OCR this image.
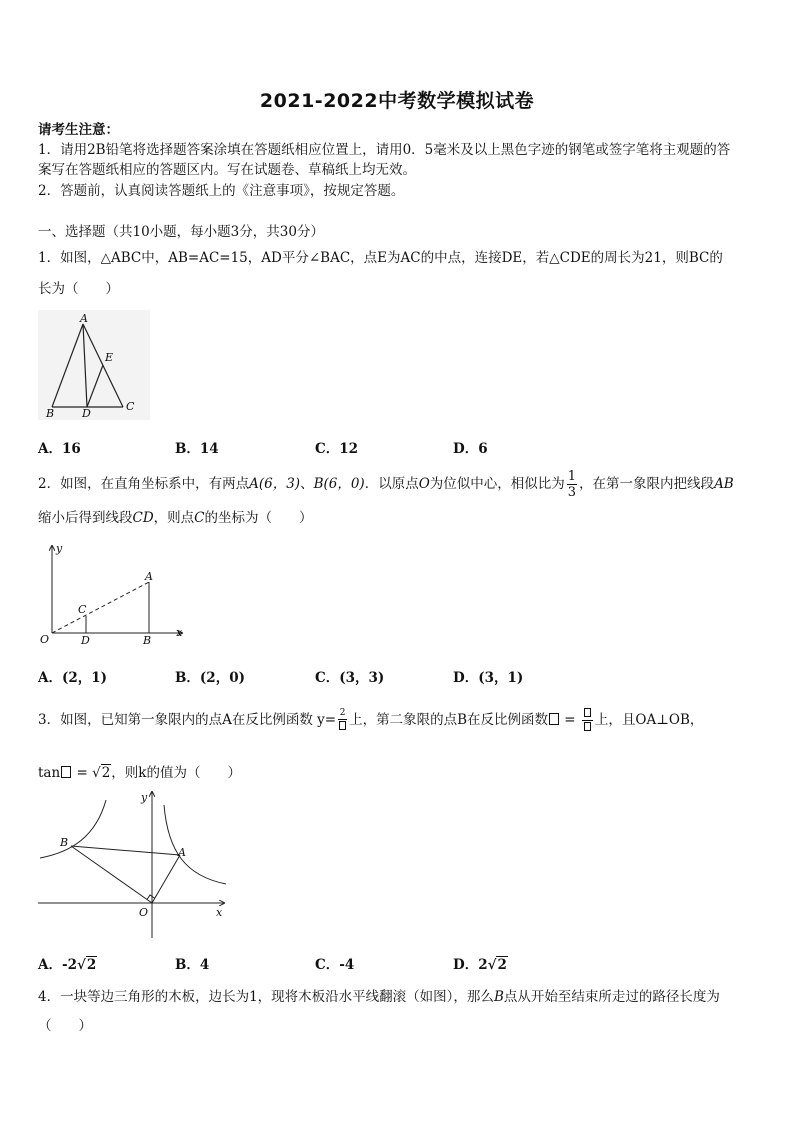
2021-2022中考数学模拟试卷
请考生注意：
1．请用2B铅笔将选择题答案涂填在答题纸相应位置上，请用0．5毫米及以上黑色字迹的钢笔或签字笔将主观题的答
案写在答题纸相应的答题区内。写在试题卷、草稿纸上均无效。
2．答题前，认真阅读答题纸上的《注意事项》，按规定答题。
一、选择题（共10小题，每小题3分，共30分）
1．如图，△ABC中，AB=AC=15，AD平分∠BAC，点E为AC的中点，连接DE，若△CDE的周长为21，则BC的
长为（　　）
A
E
B	D
C
A．16	B．14	C．12	D．6
2．如图，在直角坐标系中，有两点A(6，3)、B(6，0)．以原点O为位似中心，相似比为 $\frac{1}{3}$ ，在第一象限内把线段AB
缩小后得到线段CD，则点C的坐标为（　　）
y
x
O
A
C
D	B
A．(2，1)	B．(2，0)	C．(3，3)	D．(3，1)
3．如图，已知第一象限内的点A在反比例函数 y= 2 上，第二象限的点B在反比例函数 =
上，且OA⊥OB，
tan = √2，则k的值为（　　）
y
x
O
A
B
A．-2√2	B．4	C．-4	D．2√2
4．一块等边三角形的木板，边长为1，现将木板沿水平线翻滚（如图），那么B点从开始至结束所走过的路径长度为
（　　）
